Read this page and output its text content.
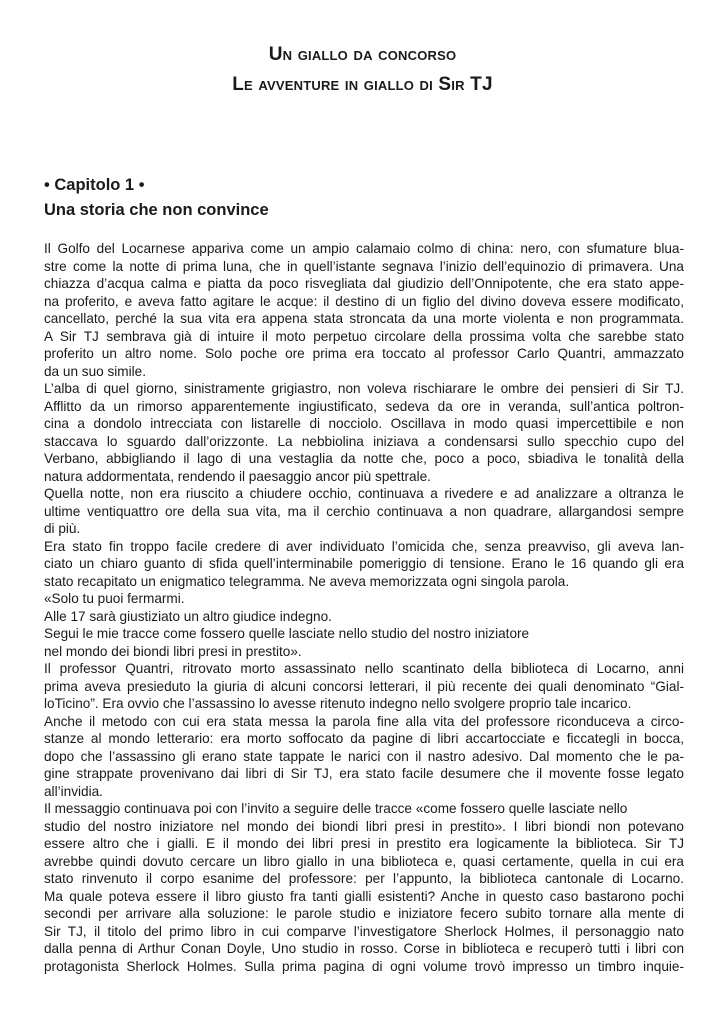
Un giallo da concorso

Le avventure in giallo di Sir TJ

• Capitolo 1 •

Una storia che non convince

Il Golfo del Locarnese appariva come un ampio calamaio colmo di china: nero, con sfumature blua-
stre come la notte di prima luna, che in quell’istante segnava l’inizio dell’equinozio di primavera. Una
chiazza d’acqua calma e piatta da poco risvegliata dal giudizio dell’Onnipotente, che era stato appe-
na proferito, e aveva fatto agitare le acque: il destino di un figlio del divino doveva essere modificato,
cancellato, perché la sua vita era appena stata stroncata da una morte violenta e non programmata.
A Sir TJ sembrava già di intuire il moto perpetuo circolare della prossima volta che sarebbe stato
proferito un altro nome. Solo poche ore prima era toccato al professor Carlo Quantri, ammazzato
da un suo simile.
L’alba di quel giorno, sinistramente grigiastro, non voleva rischiarare le ombre dei pensieri di Sir TJ.
Afflitto da un rimorso apparentemente ingiustificato, sedeva da ore in veranda, sull’antica poltron-
cina a dondolo intrecciata con listarelle di nocciolo. Oscillava in modo quasi impercettibile e non
staccava lo sguardo dall’orizzonte. La nebbiolina iniziava a condensarsi sullo specchio cupo del
Verbano, abbigliando il lago di una vestaglia da notte che, poco a poco, sbiadiva le tonalità della
natura addormentata, rendendo il paesaggio ancor più spettrale.
Quella notte, non era riuscito a chiudere occhio, continuava a rivedere e ad analizzare a oltranza le
ultime ventiquattro ore della sua vita, ma il cerchio continuava a non quadrare, allargandosi sempre
di più.
Era stato fin troppo facile credere di aver individuato l’omicida che, senza preavviso, gli aveva lan-
ciato un chiaro guanto di sfida quell’interminabile pomeriggio di tensione. Erano le 16 quando gli era
stato recapitato un enigmatico telegramma. Ne aveva memorizzata ogni singola parola.
«Solo tu puoi fermarmi.
Alle 17 sarà giustiziato un altro giudice indegno.
Segui le mie tracce come fossero quelle lasciate nello studio del nostro iniziatore
nel mondo dei biondi libri presi in prestito».
Il professor Quantri, ritrovato morto assassinato nello scantinato della biblioteca di Locarno, anni
prima aveva presieduto la giuria di alcuni concorsi letterari, il più recente dei quali denominato “Gial-
loTicino”. Era ovvio che l’assassino lo avesse ritenuto indegno nello svolgere proprio tale incarico.
Anche il metodo con cui era stata messa la parola fine alla vita del professore riconduceva a circo-
stanze al mondo letterario: era morto soffocato da pagine di libri accartocciate e ficcategli in bocca,
dopo che l’assassino gli erano state tappate le narici con il nastro adesivo. Dal momento che le pa-
gine strappate provenivano dai libri di Sir TJ, era stato facile desumere che il movente fosse legato
all’invidia.
Il messaggio continuava poi con l’invito a seguire delle tracce «come fossero quelle lasciate nello
studio del nostro iniziatore nel mondo dei biondi libri presi in prestito». I libri biondi non potevano
essere altro che i gialli. E il mondo dei libri presi in prestito era logicamente la biblioteca. Sir TJ
avrebbe quindi dovuto cercare un libro giallo in una biblioteca e, quasi certamente, quella in cui era
stato rinvenuto il corpo esanime del professore: per l’appunto, la biblioteca cantonale di Locarno.
Ma quale poteva essere il libro giusto fra tanti gialli esistenti? Anche in questo caso bastarono pochi
secondi per arrivare alla soluzione: le parole studio e iniziatore fecero subito tornare alla mente di
Sir TJ, il titolo del primo libro in cui comparve l’investigatore Sherlock Holmes, il personaggio nato
dalla penna di Arthur Conan Doyle, Uno studio in rosso. Corse in biblioteca e recuperò tutti i libri con
protagonista Sherlock Holmes. Sulla prima pagina di ogni volume trovò impresso un timbro inquie-
